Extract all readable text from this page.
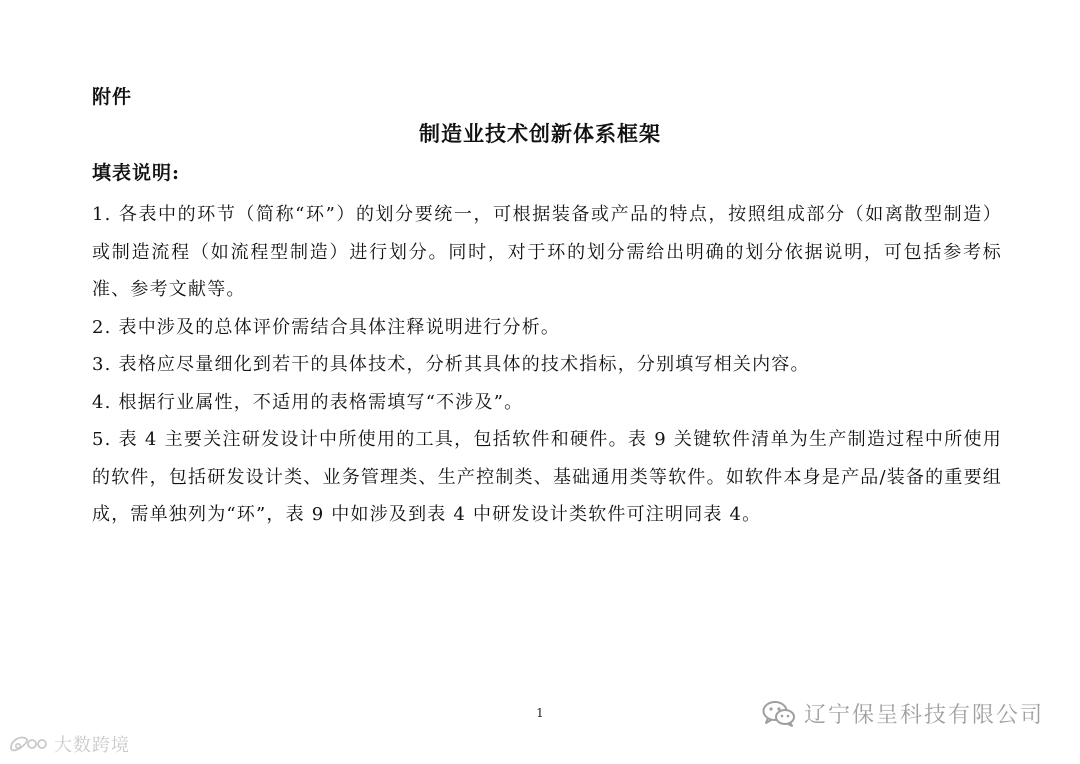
附件
制造业技术创新体系框架
填表说明:
1. 各表中的环节（简称“环”）的划分要统一，可根据装备或产品的特点，按照组成部分（如离散型制造）或制造流程（如流程型制造）进行划分。同时，对于环的划分需给出明确的划分依据说明，可包括参考标准、参考文献等。
2. 表中涉及的总体评价需结合具体注释说明进行分析。
3. 表格应尽量细化到若干的具体技术，分析其具体的技术指标，分别填写相关内容。
4. 根据行业属性，不适用的表格需填写“不涉及”。
5. 表 4 主要关注研发设计中所使用的工具，包括软件和硬件。表 9 关键软件清单为生产制造过程中所使用的软件，包括研发设计类、业务管理类、生产控制类、基础通用类等软件。如软件本身是产品/装备的重要组成，需单独列为“环”，表 9 中如涉及到表 4 中研发设计类软件可注明同表 4。
1	辽宁保呈科技有限公司
大数跨境
